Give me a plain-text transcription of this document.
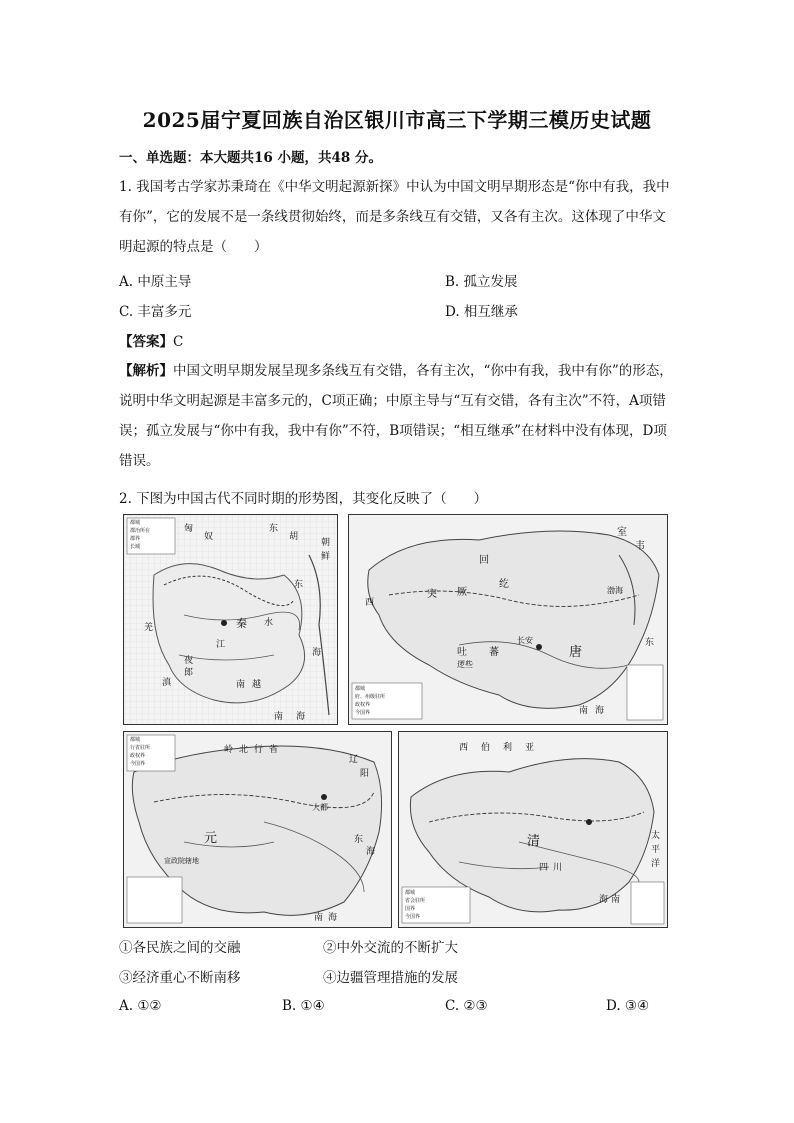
2025届宁夏回族自治区银川市高三下学期三模历史试题
一、单选题：本大题共16 小题，共48 分。
1. 我国考古学家苏秉琦在《中华文明起源新探》中认为中国文明早期形态是“你中有我，我中有你”，它的发展不是一条线贯彻始终，而是多条线互有交错，又各有主次。这体现了中华文明起源的特点是（　　）
A. 中原主导	B. 孤立发展
C. 丰富多元	D. 相互继承
【答案】C
【解析】中国文明早期发展呈现多条线互有交错，各有主次，“你中有我，我中有你”的形态，说明中华文明起源是丰富多元的，C项正确；中原主导与“互有交错，各有主次”不符，A项错误；孤立发展与“你中有我，我中有你”不符，B项错误；“相互继承”在材料中没有体现，D项错误。
2. 下图为中国古代不同时期的形势图，其变化反映了（　　）
都城
郡治所在
郡界
长城
匈
奴
东
胡
朝
鲜
秦
江
东
水
海
羌
夜
郎
滇	南 越
南 海
都城
府、州级驻所
政权界
今国界
回
纥
突 厥
室
韦
渤海
吐 蕃	唐
长安
逻些
南 海
东
西
都城
行省驻所
政权界
今国界
岭 北 行 省
辽
阳
元
大都
宣政院辖地
东
海
南 海
都城
省会驻所
国界
今国界
西 伯 利 亚
清
四 川
海 南
太
平
洋
①各民族之间的交融	②中外交流的不断扩大
③经济重心不断南移	④边疆管理措施的发展
A. ①②	B. ①④	C. ②③	D. ③④
